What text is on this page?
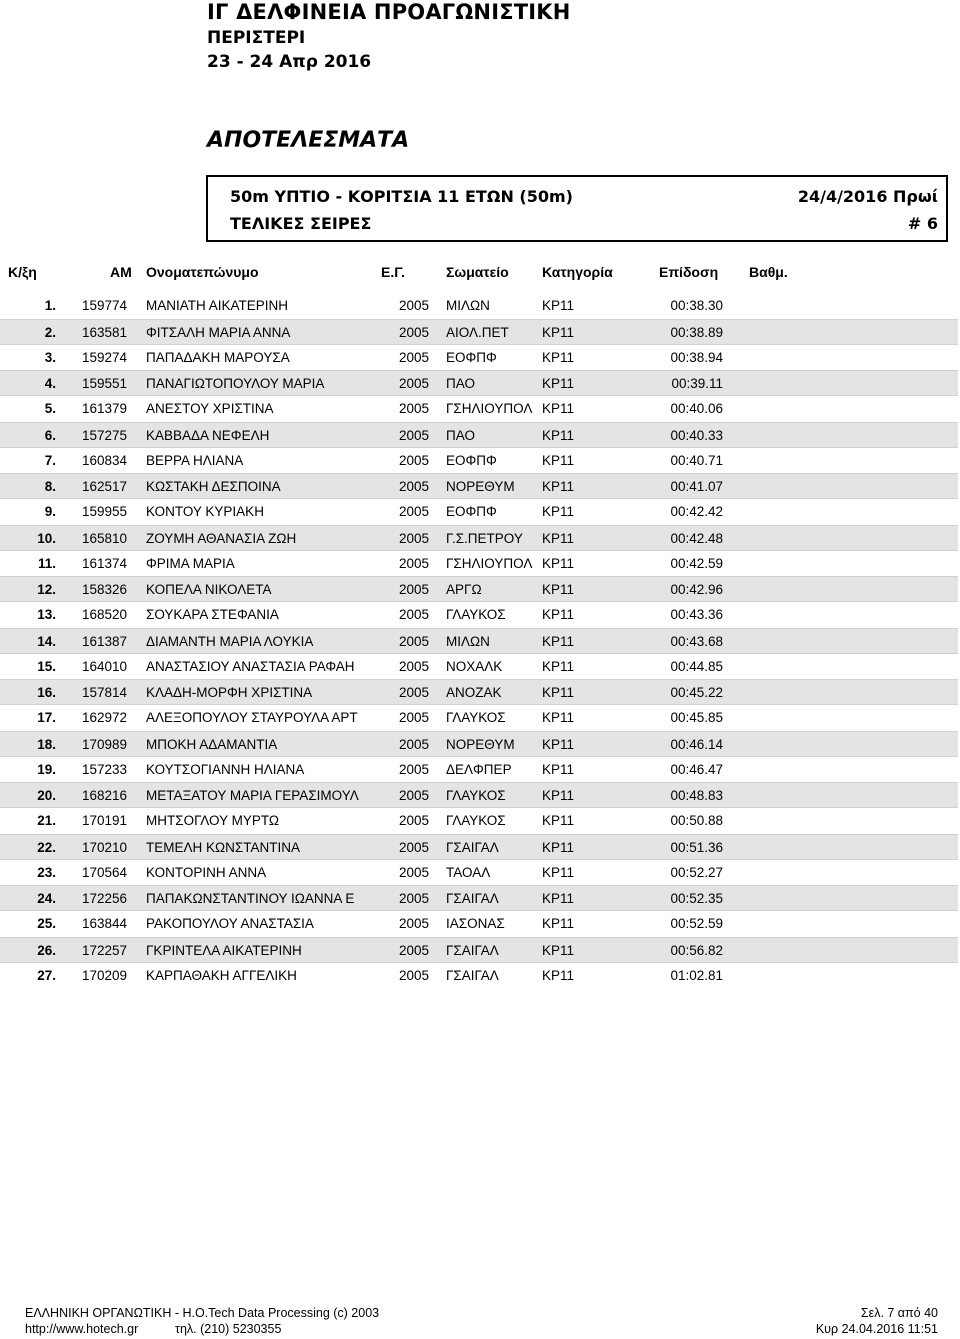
ΙΓ ΔΕΛΦΙΝΕΙΑ ΠΡΟΑΓΩΝΙΣΤΙΚΗ
ΠΕΡΙΣΤΕΡΙ
23 - 24 Απρ 2016
ΑΠΟΤΕΛΕΣΜΑΤΑ
50m ΥΠΤΙΟ - ΚΟΡΙΤΣΙΑ 11 ΕΤΩΝ (50m)	24/4/2016 Πρωί
ΤΕΛΙΚΕΣ ΣΕΙΡΕΣ	# 6
Κ/ξη	AM Ονοματεπώνυμο	Ε.Γ.	Σωματείο Κατηγορία	Επίδοση Βαθμ.
1. 159774 ΜΑΝΙΑΤΗ ΑΙΚΑΤΕΡΙΝΗ	2005 ΜΙΛΩΝ	ΚΡ11	00:38.30
2. 163581 ΦΙΤΣΑΛΗ ΜΑΡΙΑ ΑΝΝΑ	2005 ΑΙΟΛ.ΠΕΤ	ΚΡ11	00:38.89
3. 159274 ΠΑΠΑΔΑΚΗ ΜΑΡΟΥΣΑ	2005 ΕΟΦΠΦ	ΚΡ11	00:38.94
4. 159551 ΠΑΝΑΓΙΩΤΟΠΟΥΛΟΥ ΜΑΡΙΑ	2005 ΠΑΟ	ΚΡ11	00:39.11
5. 161379 ΑΝΕΣΤΟΥ ΧΡΙΣΤΙΝΑ	2005 ΓΣΗΛΙΟΥΠΟΛ ΚΡ11	00:40.06
6. 157275 ΚΑΒΒΑΔΑ ΝΕΦΕΛΗ	2005 ΠΑΟ	ΚΡ11	00:40.33
7. 160834 ΒΕΡΡΑ ΗΛΙΑΝΑ	2005 ΕΟΦΠΦ	ΚΡ11	00:40.71
8. 162517 ΚΩΣΤΑΚΗ ΔΕΣΠΟΙΝΑ	2005 ΝΟΡΕΘΥΜ	ΚΡ11	00:41.07
9. 159955 ΚΟΝΤΟΥ ΚΥΡΙΑΚΗ	2005 ΕΟΦΠΦ	ΚΡ11	00:42.42
10. 165810 ΖΟΥΜΗ ΑΘΑΝΑΣΙΑ ΖΩΗ	2005 Γ.Σ.ΠΕΤΡΟΥ	ΚΡ11	00:42.48
11. 161374 ΦΡΙΜΑ ΜΑΡΙΑ	2005 ΓΣΗΛΙΟΥΠΟΛ ΚΡ11	00:42.59
12. 158326 ΚΟΠΕΛΑ ΝΙΚΟΛΕΤΑ	2005 ΑΡΓΩ	ΚΡ11	00:42.96
13. 168520 ΣΟΥΚΑΡΑ ΣΤΕΦΑΝΙΑ	2005 ΓΛΑΥΚΟΣ	ΚΡ11	00:43.36
14. 161387 ΔΙΑΜΑΝΤΗ ΜΑΡΙΑ ΛΟΥΚΙΑ	2005 ΜΙΛΩΝ	ΚΡ11	00:43.68
15. 164010 ΑΝΑΣΤΑΣΙΟΥ ΑΝΑΣΤΑΣΙΑ ΡΑΦΑΗ	2005 ΝΟΧΑΛΚ	ΚΡ11	00:44.85
16. 157814 ΚΛΑΔΗ-ΜΟΡΦΗ ΧΡΙΣΤΙΝΑ	2005 ΑΝΟΖΑΚ	ΚΡ11	00:45.22
17. 162972 ΑΛΕΞΟΠΟΥΛΟΥ ΣΤΑΥΡΟΥΛΑ ΑΡΤ	2005 ΓΛΑΥΚΟΣ	ΚΡ11	00:45.85
18. 170989 ΜΠΟΚΗ ΑΔΑΜΑΝΤΙΑ	2005 ΝΟΡΕΘΥΜ	ΚΡ11	00:46.14
19. 157233 ΚΟΥΤΣΟΓΙΑΝΝΗ ΗΛΙΑΝΑ	2005 ΔΕΛΦΠΕΡ	ΚΡ11	00:46.47
20. 168216 ΜΕΤΑΞΑΤΟΥ ΜΑΡΙΑ ΓΕΡΑΣΙΜΟΥΛ	2005 ΓΛΑΥΚΟΣ	ΚΡ11	00:48.83
21. 170191 ΜΗΤΣΟΓΛΟΥ ΜΥΡΤΩ	2005 ΓΛΑΥΚΟΣ	ΚΡ11	00:50.88
22. 170210 ΤΕΜΕΛΗ ΚΩΝΣΤΑΝΤΙΝΑ	2005 ΓΣΑΙΓΑΛ	ΚΡ11	00:51.36
23. 170564 ΚΟΝΤΟΡΙΝΗ ΑΝΝΑ	2005 ΤΑΟΑΛ	ΚΡ11	00:52.27
24. 172256 ΠΑΠΑΚΩΝΣΤΑΝΤΙΝΟΥ ΙΩΑΝΝΑ Ε	2005 ΓΣΑΙΓΑΛ	ΚΡ11	00:52.35
25. 163844 ΡΑΚΟΠΟΥΛΟΥ ΑΝΑΣΤΑΣΙΑ	2005 ΙΑΣΟΝΑΣ	ΚΡ11	00:52.59
26. 172257 ΓΚΡΙΝΤΕΛΑ ΑΙΚΑΤΕΡΙΝΗ	2005 ΓΣΑΙΓΑΛ	ΚΡ11	00:56.82
27. 170209 ΚΑΡΠΑΘΑΚΗ ΑΓΓΕΛΙΚΗ	2005 ΓΣΑΙΓΑΛ	ΚΡ11	01:02.81
ΕΛΛΗΝΙΚΗ ΟΡΓΑΝΩΤΙΚΗ - Η.Ο.Tech Data Processing (c) 2003
http://www.hotech.gr	τηλ. (210) 5230355
Σελ. 7 από 40
Κυρ 24.04.2016 11:51
